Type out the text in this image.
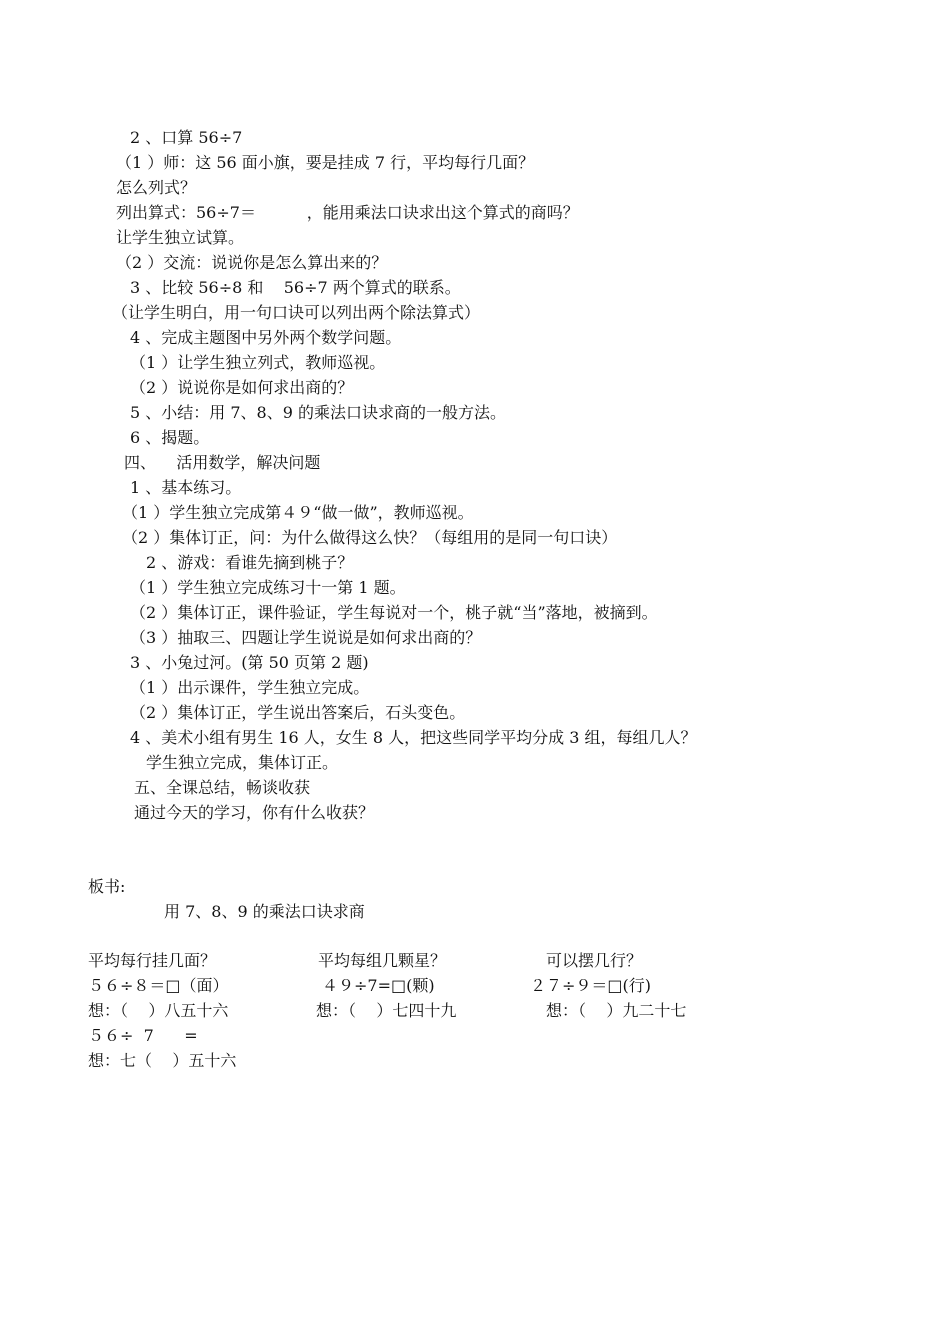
2 、口算 56÷7
（1 ）师：这 56 面小旗，要是挂成 7 行，平均每行几面？
怎么列式？
列出算式：56÷7＝          ，能用乘法口诀求出这个算式的商吗？
让学生独立试算。
（2 ）交流：说说你是怎么算出来的？
3 、比较 56÷8 和    56÷7 两个算式的联系。
（让学生明白，用一句口诀可以列出两个除法算式）
4 、完成主题图中另外两个数学问题。
（1 ）让学生独立列式，教师巡视。
（2 ）说说你是如何求出商的？
5 、小结：用 7、8、9 的乘法口诀求商的一般方法。
6 、揭题。
四、    活用数学，解决问题
1 、基本练习。
（1 ）学生独立完成第４９“做一做”，教师巡视。
（2 ）集体订正，问：为什么做得这么快？（每组用的是同一句口诀）
2 、游戏：看谁先摘到桃子？
（1 ）学生独立完成练习十一第 1 题。
（2 ）集体订正，课件验证，学生每说对一个，桃子就“当”落地，被摘到。
（3 ）抽取三、四题让学生说说是如何求出商的？
3 、小兔过河。(第 50 页第 2 题)
（1 ）出示课件，学生独立完成。
（2 ）集体订正，学生说出答案后，石头变色。
4 、美术小组有男生 16 人，女生 8 人，把这些同学平均分成 3 组，每组几人？
学生独立完成，集体订正。
五、全课总结，畅谈收获
通过今天的学习，你有什么收获？
板书:
用 7、8、9 的乘法口诀求商
平均每行挂几面？	平均每组几颗星？	可以摆几行？
５６÷８＝□（面）	４９÷7=□(颗)	２７÷９＝□(行)
想：（    ）八五十六	想：（    ）七四十九	想：（    ）九二十七
５６÷  7      =
想：七（    ）五十六
